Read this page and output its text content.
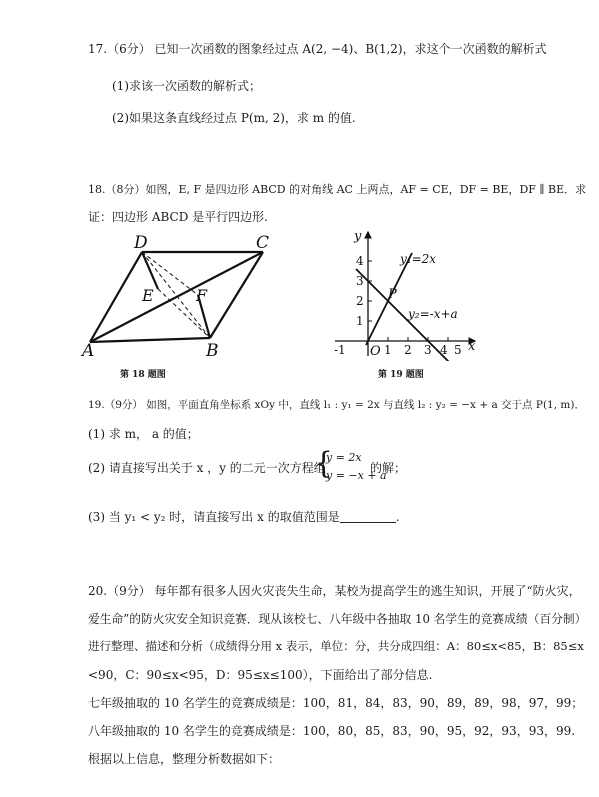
17.（6分） 已知一次函数的图象经过点 A(2, −4)、B(1,2)，求这个一次函数的解析式
(1)求该一次函数的解析式；
(2)如果这条直线经过点 P(m, 2)，求 m 的值.
18.（8分）如图，E, F 是四边形 ABCD 的对角线 AC 上两点，AF = CE，DF = BE，DF ∥ BE．求
证：四边形 ABCD 是平行四边形.
A	B
C
D
E	F
第 18 题图
y
x
O
-1	1 2 3 4 5
1
2
3
4	y₁=2x
y₂=-x+a
P
第 19 题图
19.（9分） 如图，平面直角坐标系 xOy 中，直线 l₁ : y₁ = 2x 与直线 l₂ : y₂ = −x + a 交于点 P(1, m)．
(1) 求 m， a 的值；
(2) 请直接写出关于 x ，y 的二元一次方程组
{
y = 2x
y = −x + a
的解；
(3) 当 y₁ < y₂ 时，请直接写出 x 的取值范围是	.
20.（9分） 每年都有很多人因火灾丧失生命，某校为提高学生的逃生知识，开展了“防火灾，
爱生命”的防火灾安全知识竞赛．现从该校七、八年级中各抽取 10 名学生的竞赛成绩（百分制）
进行整理、描述和分析（成绩得分用 x 表示，单位：分，共分成四组：A：80≤x<85，B：85≤x
<90，C：90≤x<95，D：95≤x≤100），下面给出了部分信息.
七年级抽取的 10 名学生的竞赛成绩是：100，81，84，83，90，89，89，98，97，99；
八年级抽取的 10 名学生的竞赛成绩是：100，80，85，83，90，95，92，93，93，99.
根据以上信息，整理分析数据如下：
